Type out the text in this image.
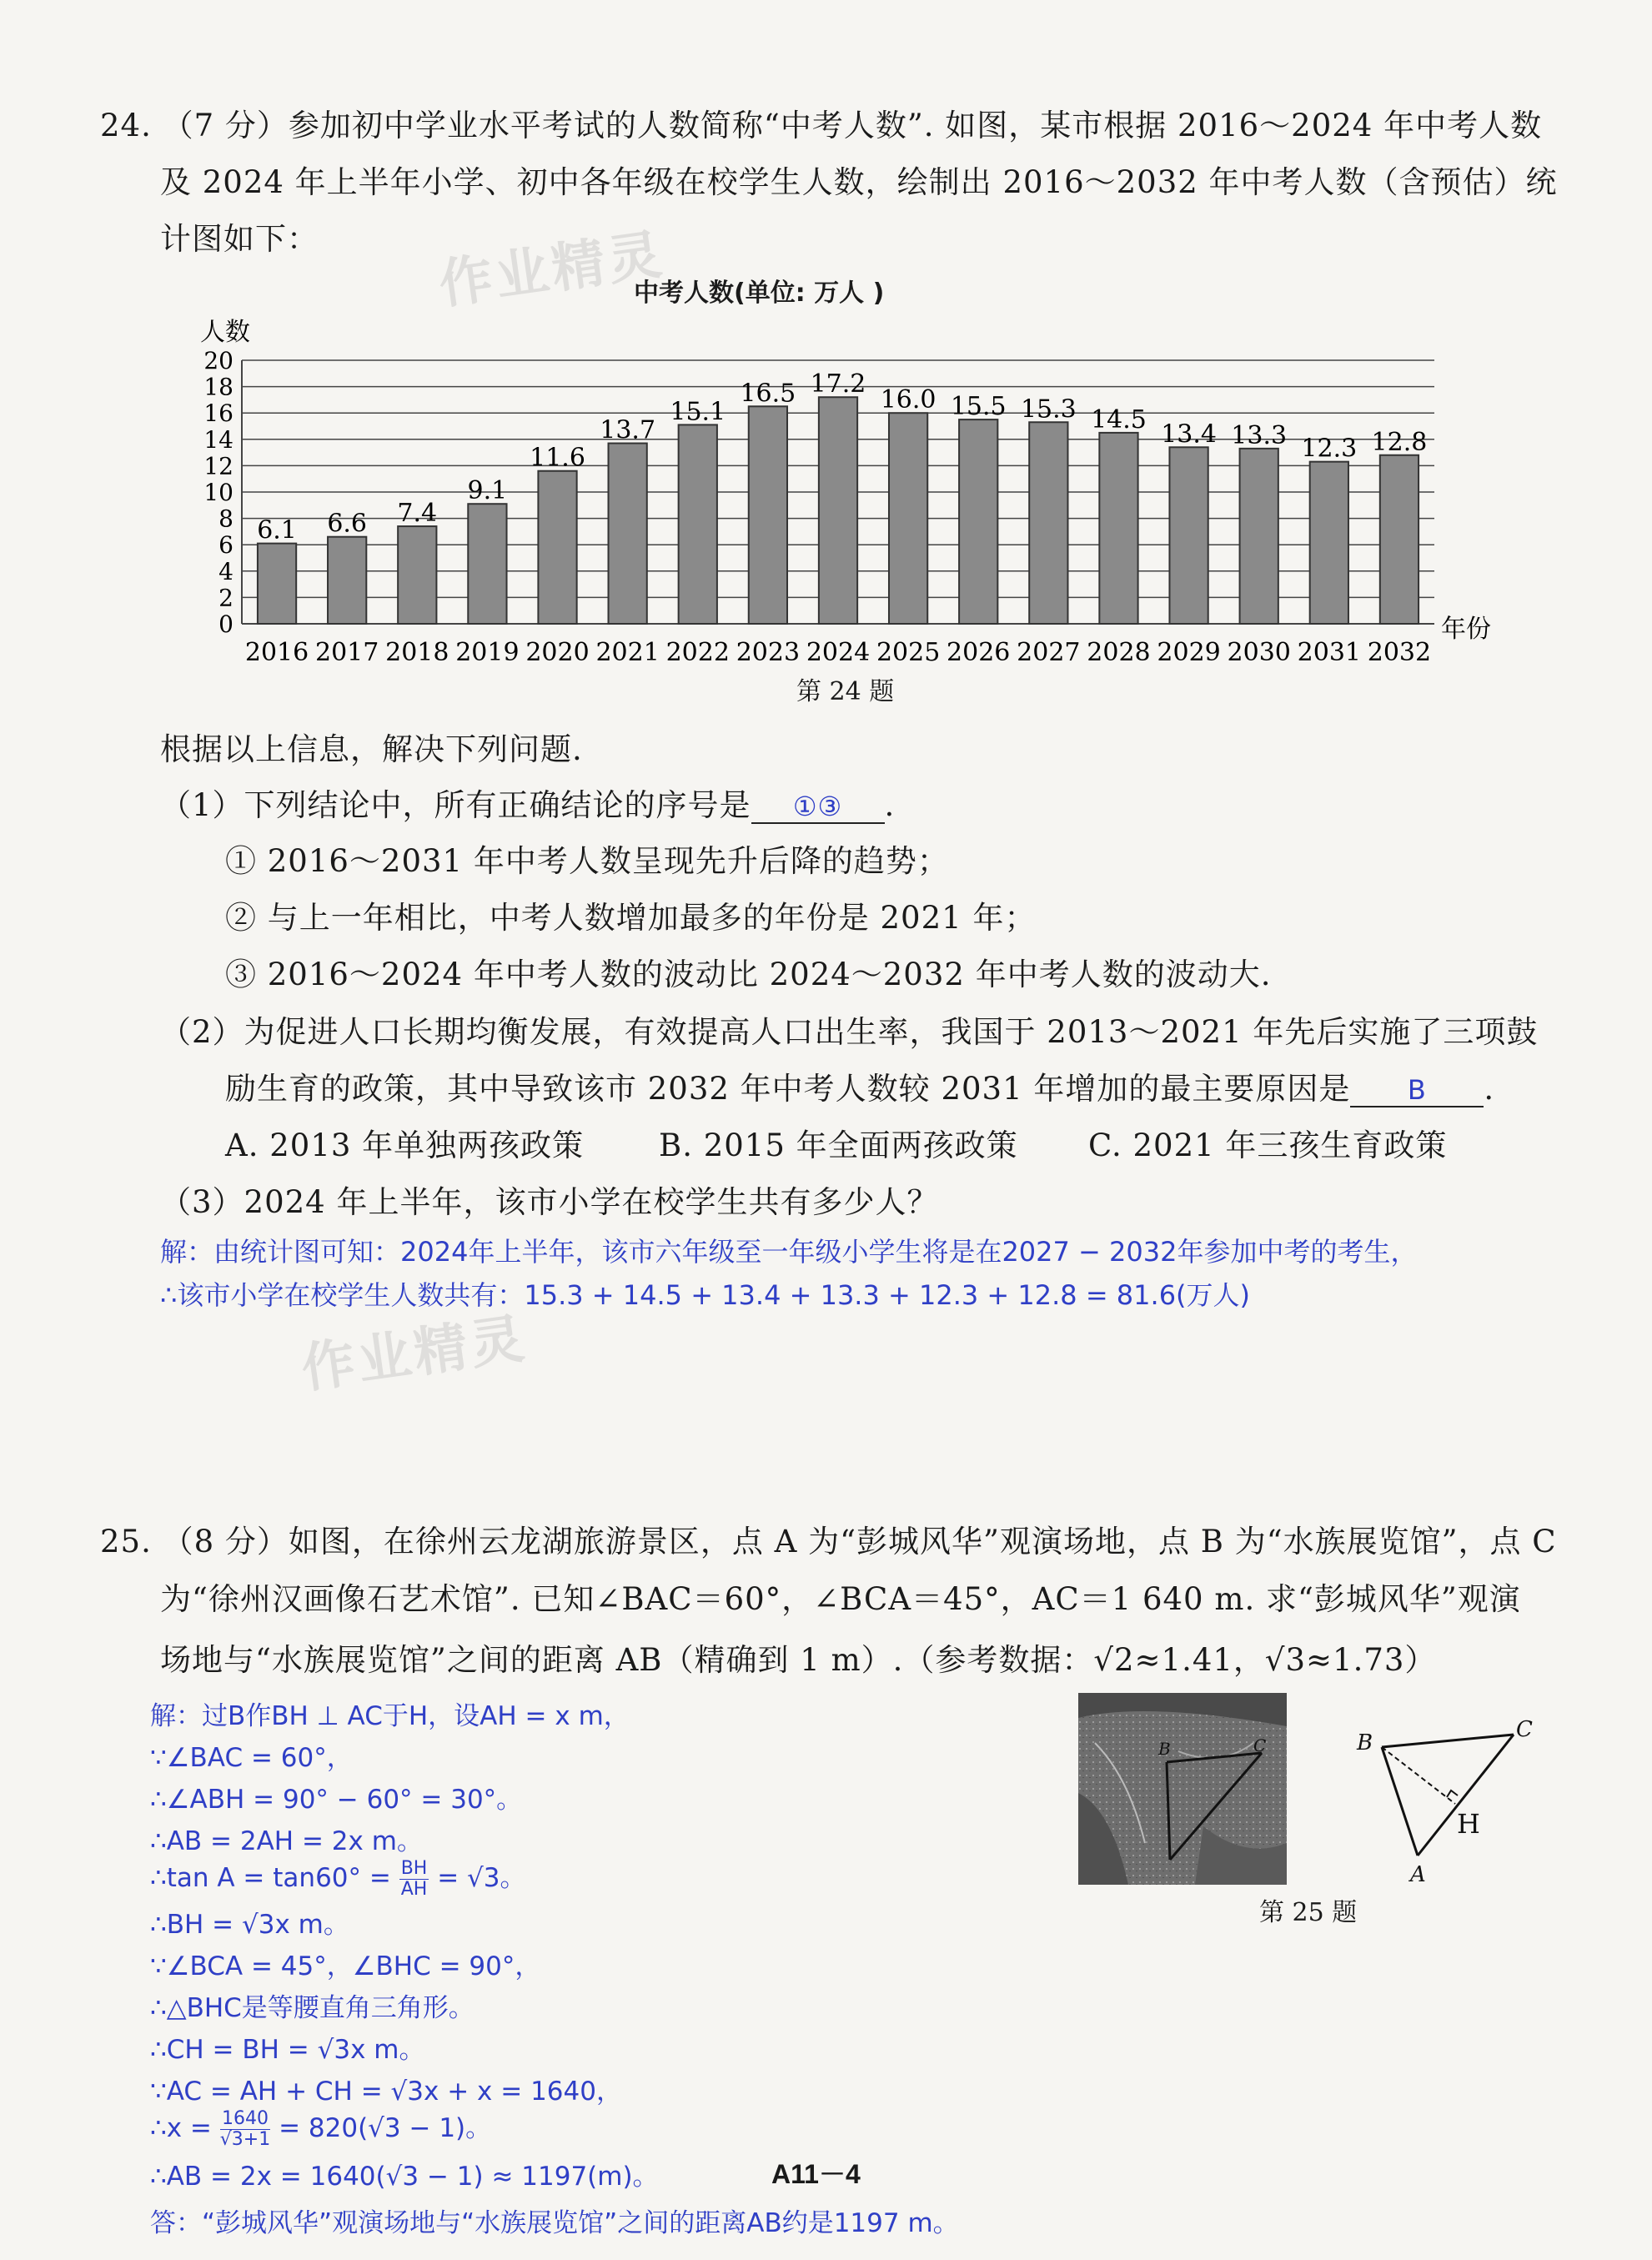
24. （7 分）参加初中学业水平考试的人数简称“中考人数”. 如图，某市根据 2016～2024 年中考人数
及 2024 年上半年小学、初中各年级在校学生人数，绘制出 2016～2032 年中考人数（含预估）统
计图如下： 作业精灵
中考人数(单位: 万人 )
6.1 6.6 7.4
9.1
11.6
13.7
15.1
16.5 17.2
16.0 15.5 15.3 14.5 13.4 13.3 12.3 12.8
0
2
4
6
8
10
12
14
16
18
20
2016 2017 2018 2019 2020 2021 2022 2023 2024 2025 2026 2027 2028 2029 2030 2031 2032
人数
年份
第 24 题
根据以上信息，解决下列问题.
（1）下列结论中，所有正确结论的序号是 ①③ .
① 2016～2031 年中考人数呈现先升后降的趋势；
② 与上一年相比，中考人数增加最多的年份是 2021 年；
③ 2016～2024 年中考人数的波动比 2024～2032 年中考人数的波动大.
（2）为促进人口长期均衡发展，有效提高人口出生率，我国于 2013～2021 年先后实施了三项鼓
励生育的政策，其中导致该市 2032 年中考人数较 2031 年增加的最主要原因是 B .
A. 2013 年单独两孩政策 B. 2015 年全面两孩政策 C. 2021 年三孩生育政策
（3）2024 年上半年，该市小学在校学生共有多少人？
解：由统计图可知：2024年上半年，该市六年级至一年级小学生将是在2027 − 2032年参加中考的考生，
∴该市小学在校学生人数共有：15.3 + 14.5 + 13.4 + 13.3 + 12.3 + 12.8 = 81.6(万人)
作业精灵
25. （8 分）如图，在徐州云龙湖旅游景区，点 A 为“彭城风华”观演场地，点 B 为“水族展览馆”，点 C
为“徐州汉画像石艺术馆”. 已知∠BAC＝60°，∠BCA＝45°，AC＝1 640 m. 求“彭城风华”观演
场地与“水族展览馆”之间的距离 AB（精确到 1 m）.（参考数据：√2≈1.41，√3≈1.73）
解：过B作BH ⊥ AC于H，设AH = x m，
∵∠BAC = 60°，
∴∠ABH = 90° − 60° = 30°。
∴AB = 2AH = 2x m。
∴tan $A = \tan 60^\circ = \frac{BH}{AH} = √3$。
∴BH = √3x m。
∵∠BCA = 45°，∠BHC = 90°，
∴△BHC是等腰直角三角形。
∴CH = BH = √3x m。
∵AC = AH + CH = √3x + x = 1640，
∴x = $\frac{1640}{√3+1} = 820(√3 - 1)$。
∴AB = 2x = 1640(√3 − 1) ≈ 1197(m)。	A11－4
答：“彭城风华”观演场地与“水族展览馆”之间的距离AB约是1197 m。
B	C	B
C
A
H
第 25 题
